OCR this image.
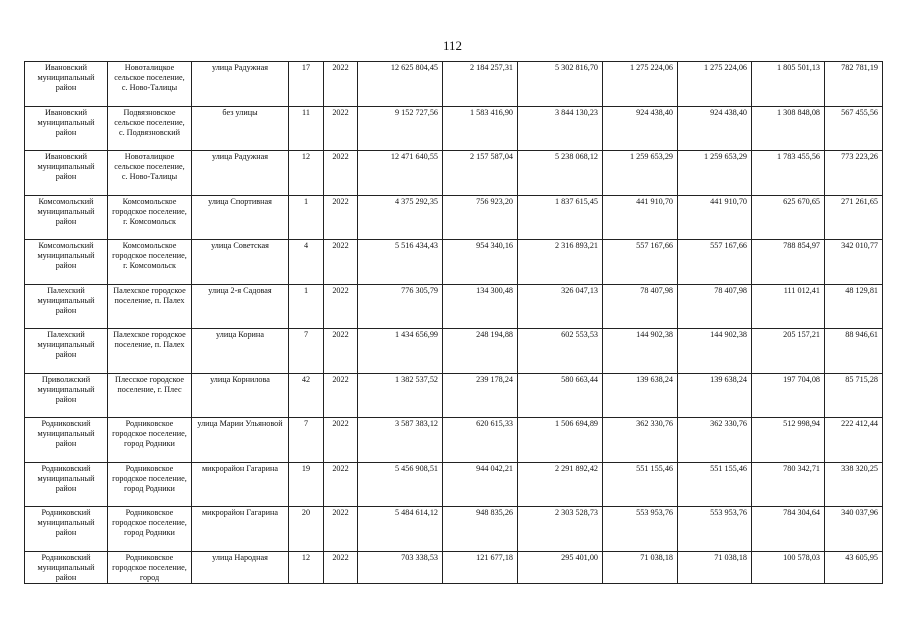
112
Ивановский муниципальный район	Новоталицкое сельское поселение, с. Ново-Талицы	улица Радужная	17	2022	12 625 804,45	2 184 257,31	5 302 816,70	1 275 224,06	1 275 224,06	1 805 501,13	782 781,19
Ивановский муниципальный район	Подвязновское сельское поселение, с. Подвязновский	без улицы	11	2022	9 152 727,56	1 583 416,90	3 844 130,23	924 438,40	924 438,40	1 308 848,08	567 455,56
Ивановский муниципальный район	Новоталицкое сельское поселение, с. Ново-Талицы	улица Радужная	12	2022	12 471 640,55	2 157 587,04	5 238 068,12	1 259 653,29	1 259 653,29	1 783 455,56	773 223,26
Комсомольский муниципальный район	Комсомольское городское поселение, г. Комсомольск	улица Спортивная	1	2022	4 375 292,35	756 923,20	1 837 615,45	441 910,70	441 910,70	625 670,65	271 261,65
Комсомольский муниципальный район	Комсомольское городское поселение, г. Комсомольск	улица Советская	4	2022	5 516 434,43	954 340,16	2 316 893,21	557 167,66	557 167,66	788 854,97	342 010,77
Палехский муниципальный район	Палехское городское поселение, п. Палех	улица 2-я Садовая	1	2022	776 305,79	134 300,48	326 047,13	78 407,98	78 407,98	111 012,41	48 129,81
Палехский муниципальный район	Палехское городское поселение, п. Палех	улица Корина	7	2022	1 434 656,99	248 194,88	602 553,53	144 902,38	144 902,38	205 157,21	88 946,61
Приволжский муниципальный район	Плесское городское поселение, г. Плес	улица Корнилова	42	2022	1 382 537,52	239 178,24	580 663,44	139 638,24	139 638,24	197 704,08	85 715,28
Родниковский муниципальный район	Родниковское городское поселение, город Родники	улица Марии Ульяновой	7	2022	3 587 383,12	620 615,33	1 506 694,89	362 330,76	362 330,76	512 998,94	222 412,44
Родниковский муниципальный район	Родниковское городское поселение, город Родники	микрорайон Гагарина	19	2022	5 456 908,51	944 042,21	2 291 892,42	551 155,46	551 155,46	780 342,71	338 320,25
Родниковский муниципальный район	Родниковское городское поселение, город Родники	микрорайон Гагарина	20	2022	5 484 614,12	948 835,26	2 303 528,73	553 953,76	553 953,76	784 304,64	340 037,96
Родниковский муниципальный район	Родниковское городское поселение, город	улица Народная	12	2022	703 338,53	121 677,18	295 401,00	71 038,18	71 038,18	100 578,03	43 605,95
